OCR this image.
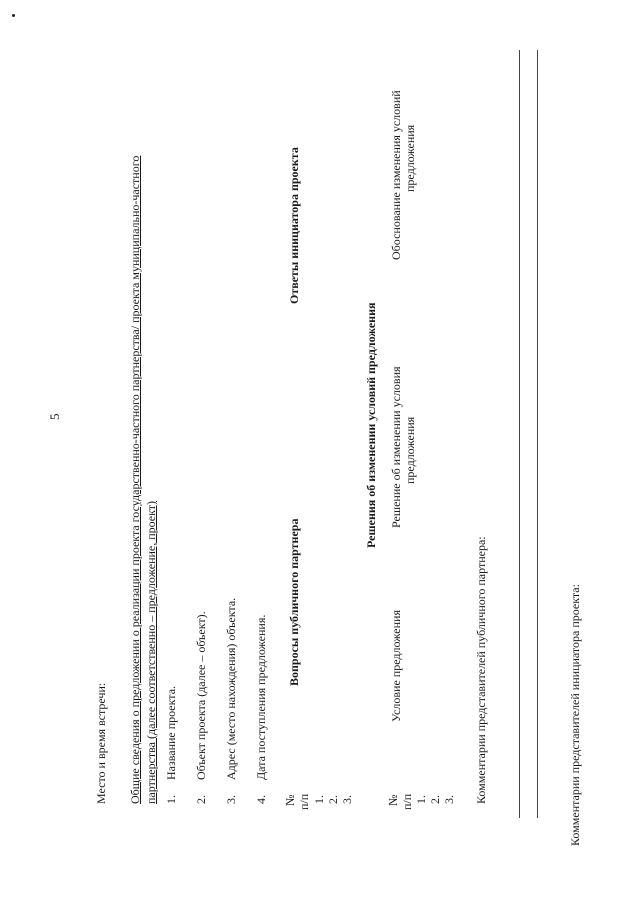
5
Место и время встречи: Общие сведения о предложении о реализации проекта государственно-частного партнерства/ проекта муниципально-частного партнерства (далее соответственно – предложение, проект) 1.
Название проекта.
2.
Объект проекта (далее – объект).
3.
Адрес (место нахождения) объекта.
4.
Дата поступления предложения.
№ п/п
Вопросы публичного партнера
Ответы инициатора проекта
1. 2. 3.
Решения об изменении условий предложения
№ п/п
Условие предложения
Решение об изменении условия предложения
Обоснование изменения условий предложения
1. 2. 3. Комментарии представителей публичного партнера:	Комментарии представителей инициатора проекта:
